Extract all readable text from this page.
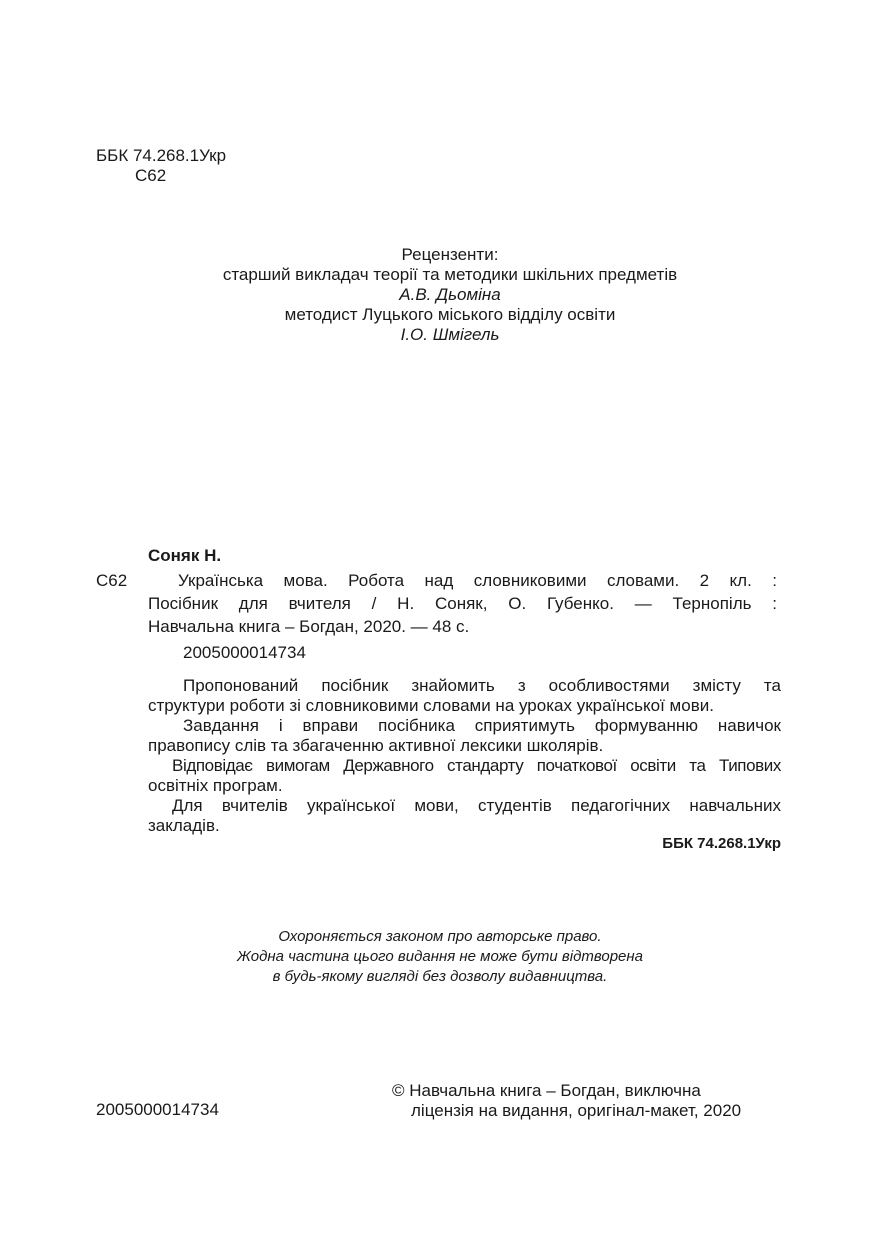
ББК 74.268.1Укр
С62
Рецензенти:
старший викладач теорії та методики шкільних предметів
А.В. Дьоміна
методист Луцького міського відділу освіти
І.О. Шмігель
Соняк Н.
С62	Українська мова. Робота над словниковими словами. 2 кл. :
Посібник для вчителя / Н. Соняк, О. Губенко. — Тернопіль :
Навчальна книга – Богдан, 2020. — 48 с.
2005000014734
Пропонований посібник знайомить з особливостями змісту та
структури роботи зі словниковими словами на уроках української мови.
Завдання і вправи посібника сприятимуть формуванню навичок
правопису слів та збагаченню активної лексики школярів.
Відповідає вимогам Державного стандарту початкової освіти та Типових
освітніх програм.
Для вчителів української мови, студентів педагогічних навчальних
закладів.
ББК 74.268.1Укр
Охороняється законом про авторське право.
Жодна частина цього видання не може бути відтворена
в будь-якому вигляді без дозволу видавництва.
2005000014734
© Навчальна книга – Богдан, виключна
ліцензія на видання, оригінал-макет, 2020
